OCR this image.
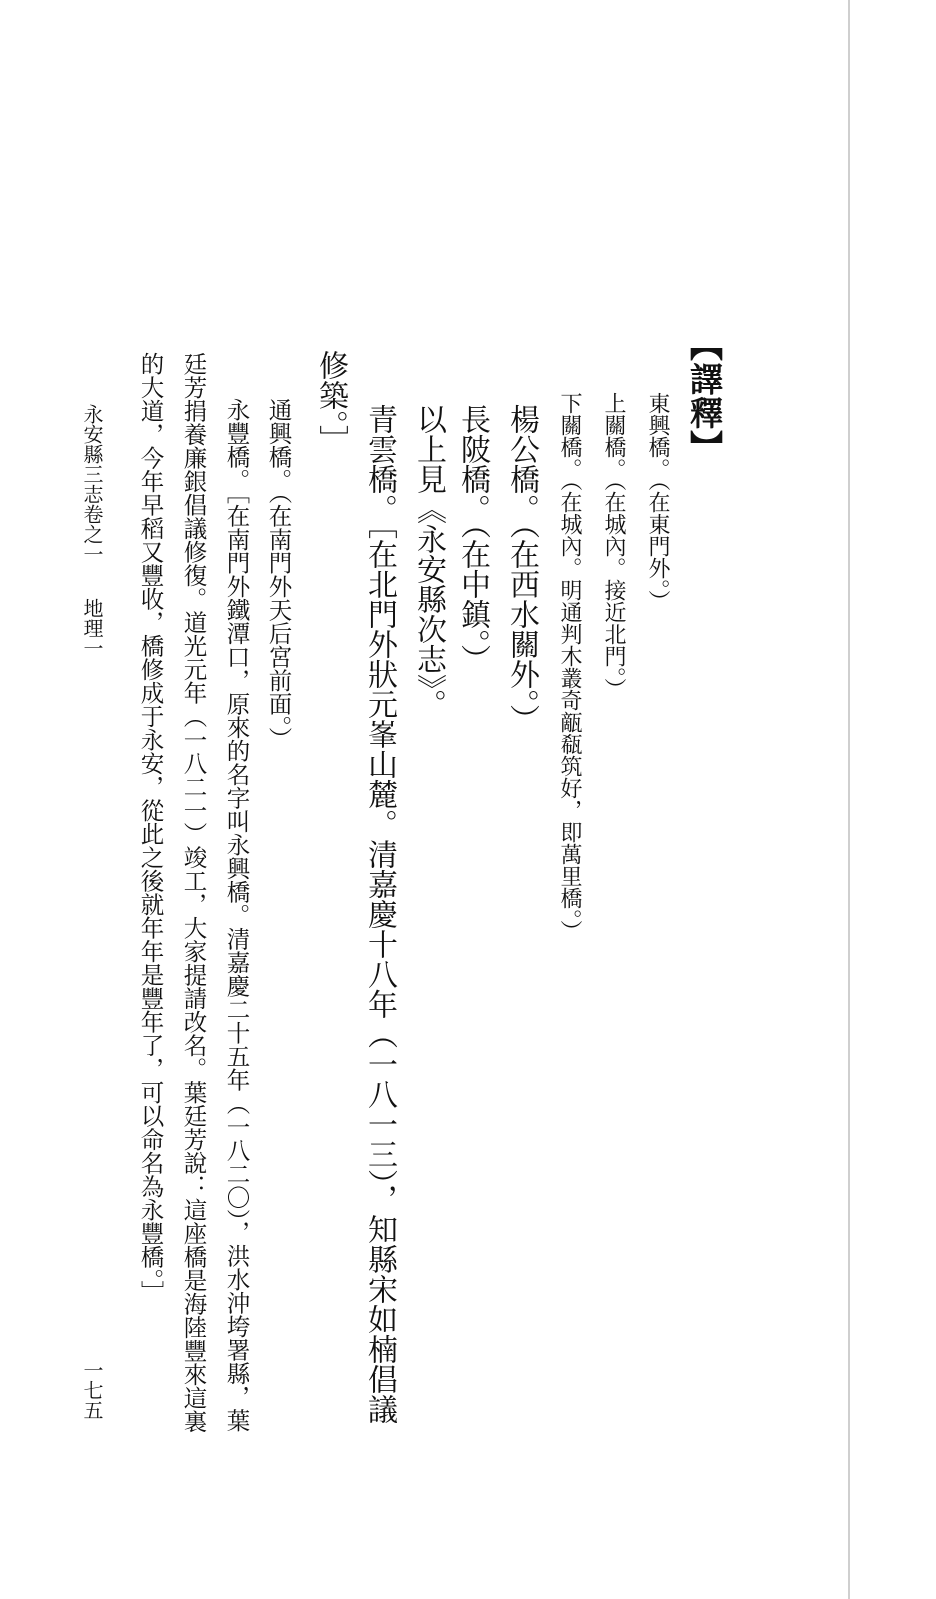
【譯釋】
東興橋。（在東門外。）
上關橋。（在城內。接近北門。）
下關橋。（在城內。明通判木叢奇甋瓻筑好，即萬里橋。）
楊公橋。（在西水關外。）
長陂橋。（在中鎮。）
以上見《永安縣次志》。
青雲橋。［在北門外狀元峯山麓。清嘉慶十八年（一八一三），知縣宋如楠倡議
修築。］
通興橋。（在南門外天后宮前面。）
永豐橋。［在南門外鐵潭口，原來的名字叫永興橋。清嘉慶二十五年（一八二〇），洪水沖垮署縣，葉
廷芳捐養廉銀倡議修復。道光元年（一八二一）竣工，大家提請改名。葉廷芳說：這座橋是海陸豐來這裏
的大道，今年早稻又豐收，橋修成于永安，從此之後就年年是豐年了，可以命名為永豐橋。］
永安縣三志卷之一地理一
一七五
